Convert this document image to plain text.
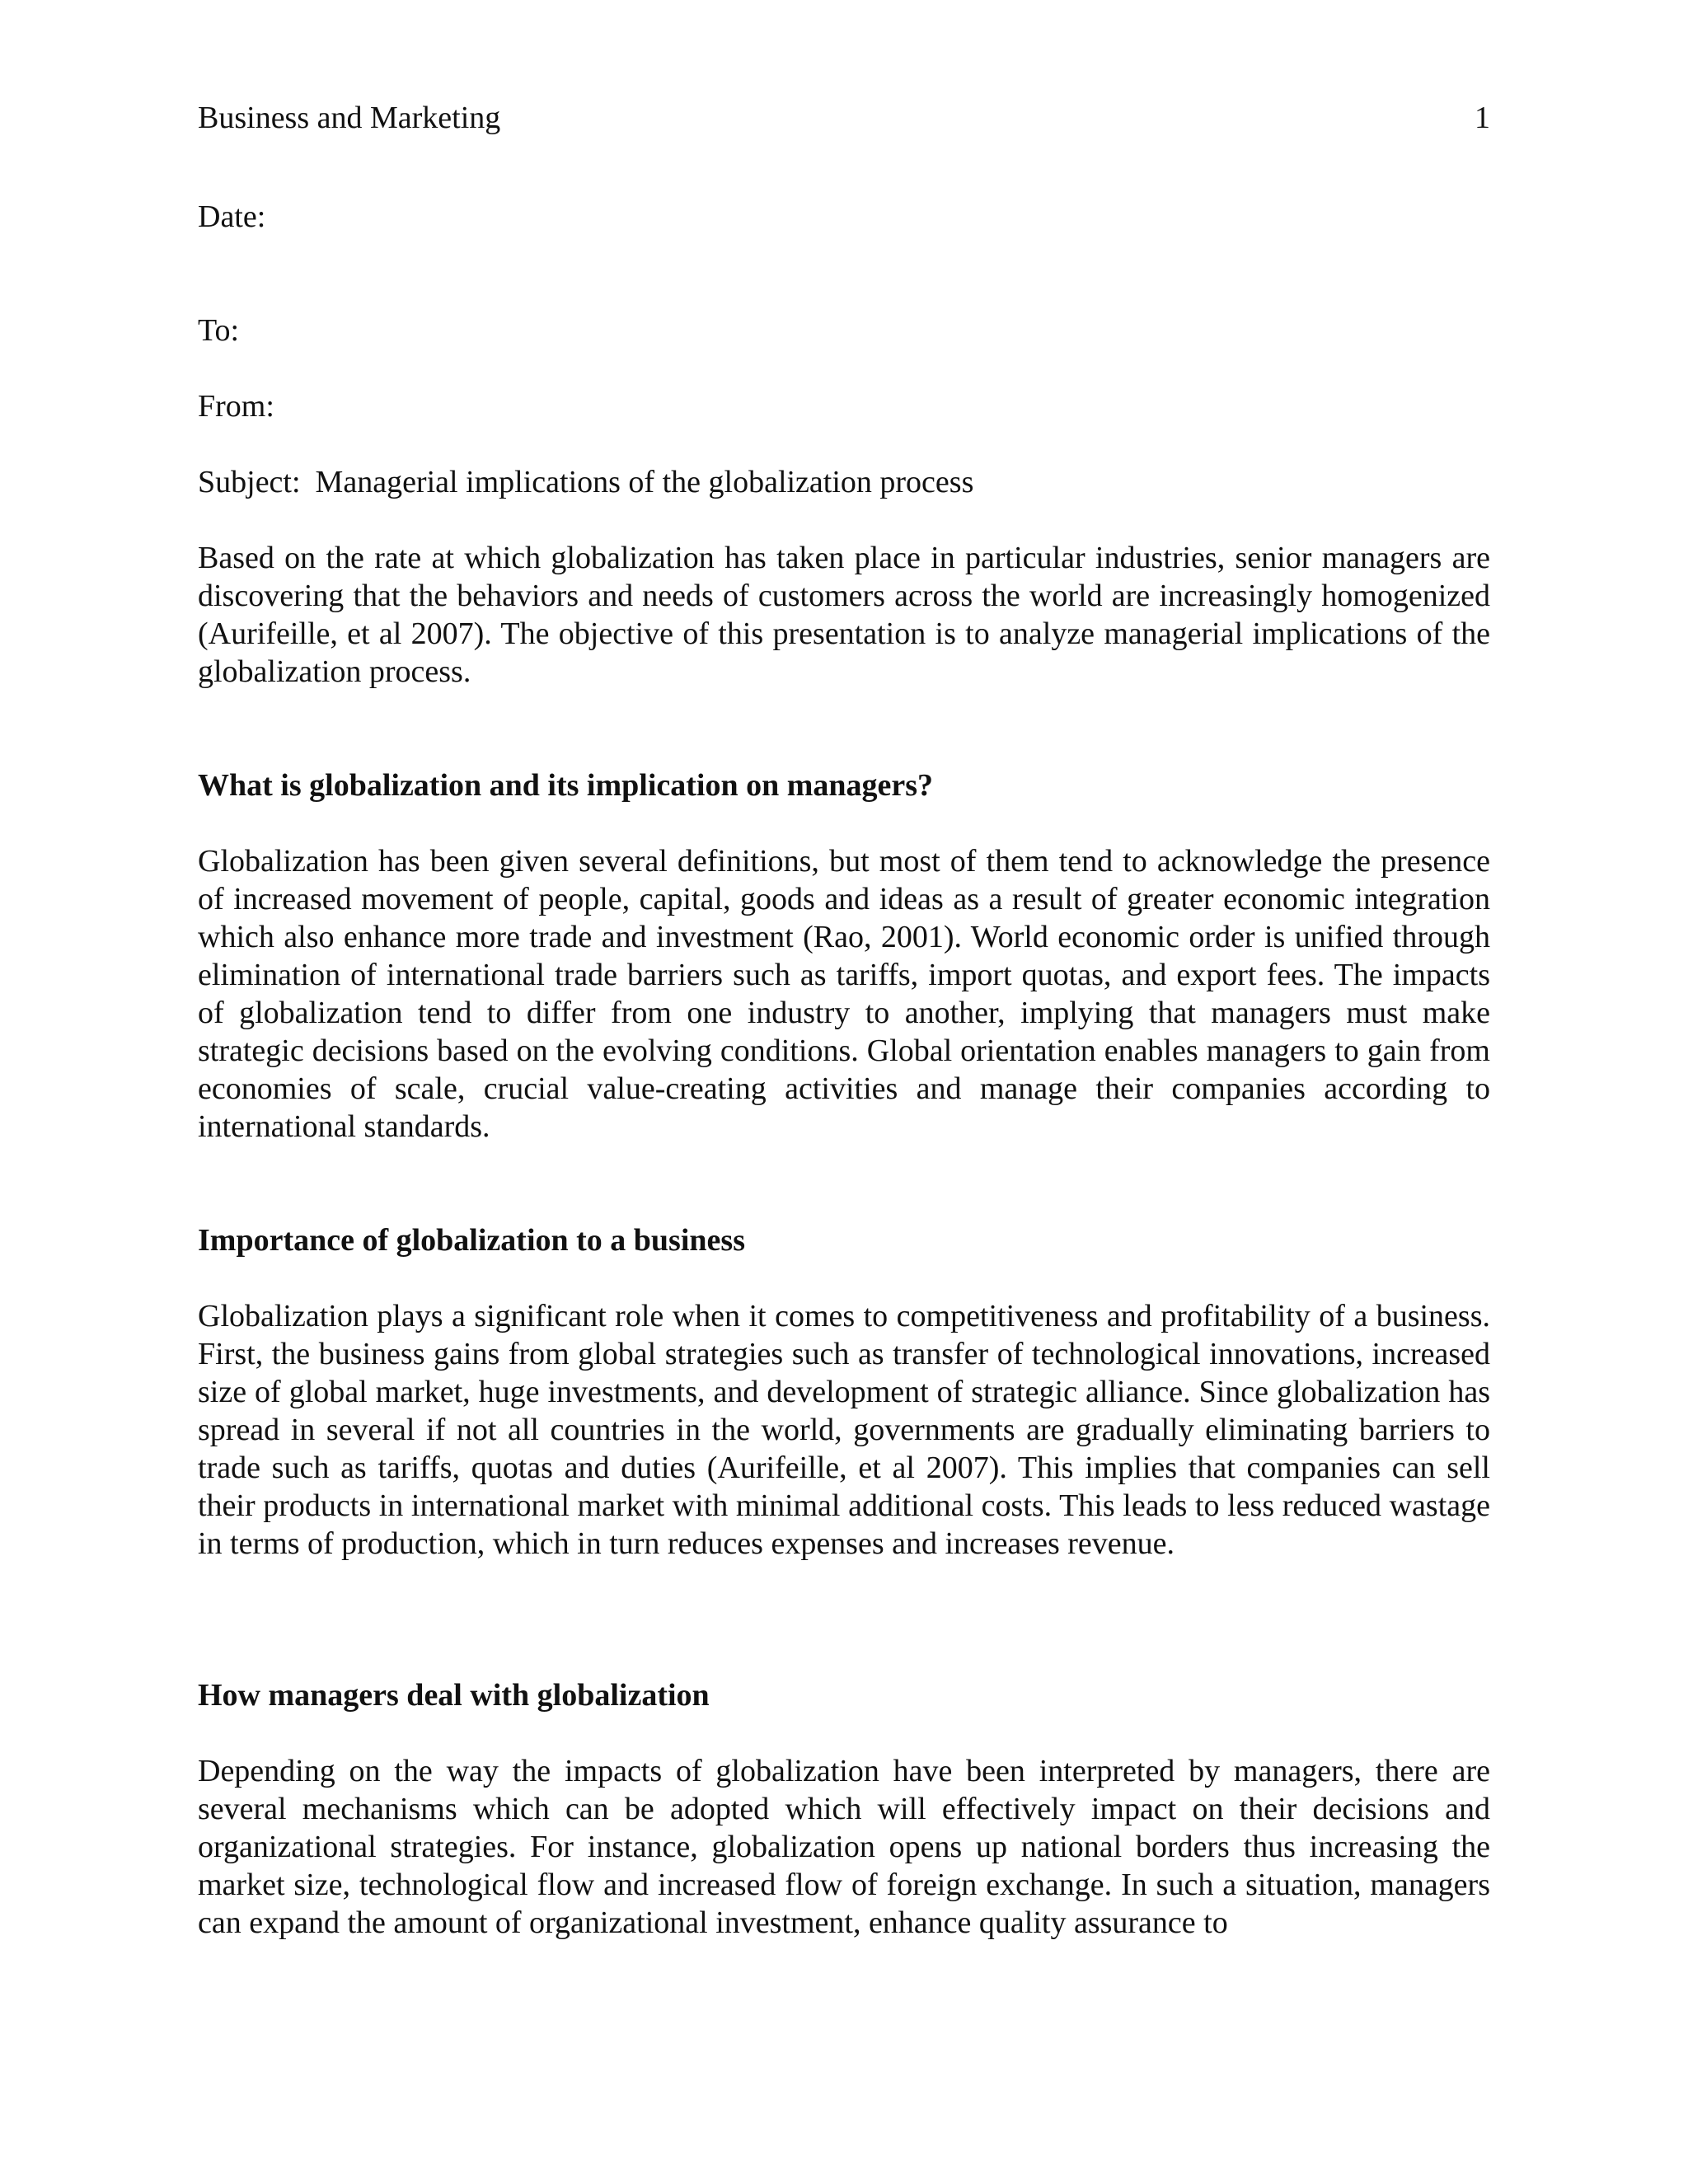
Business and Marketing	1
Date:
To:
From:
Subject: Managerial implications of the globalization process
Based on the rate at which globalization has taken place in particular industries, senior managers are discovering that the behaviors and needs of customers across the world are increasingly homogenized (Aurifeille, et al 2007). The objective of this presentation is to analyze managerial implications of the globalization process.
What is globalization and its implication on managers?
Globalization has been given several definitions, but most of them tend to acknowledge the presence of increased movement of people, capital, goods and ideas as a result of greater economic integration which also enhance more trade and investment (Rao, 2001). World economic order is unified through elimination of international trade barriers such as tariffs, import quotas, and export fees. The impacts of globalization tend to differ from one industry to another, implying that managers must make strategic decisions based on the evolving conditions. Global orientation enables managers to gain from economies of scale, crucial value-creating activities and manage their companies according to international standards.
Importance of globalization to a business
Globalization plays a significant role when it comes to competitiveness and profitability of a business. First, the business gains from global strategies such as transfer of technological innovations, increased size of global market, huge investments, and development of strategic alliance. Since globalization has spread in several if not all countries in the world, governments are gradually eliminating barriers to trade such as tariffs, quotas and duties (Aurifeille, et al 2007). This implies that companies can sell their products in international market with minimal additional costs. This leads to less reduced wastage in terms of production, which in turn reduces expenses and increases revenue.
How managers deal with globalization
Depending on the way the impacts of globalization have been interpreted by managers, there are several mechanisms which can be adopted which will effectively impact on their decisions and organizational strategies. For instance, globalization opens up national borders thus increasing the market size, technological flow and increased flow of foreign exchange. In such a situation, managers can expand the amount of organizational investment, enhance quality assurance to
